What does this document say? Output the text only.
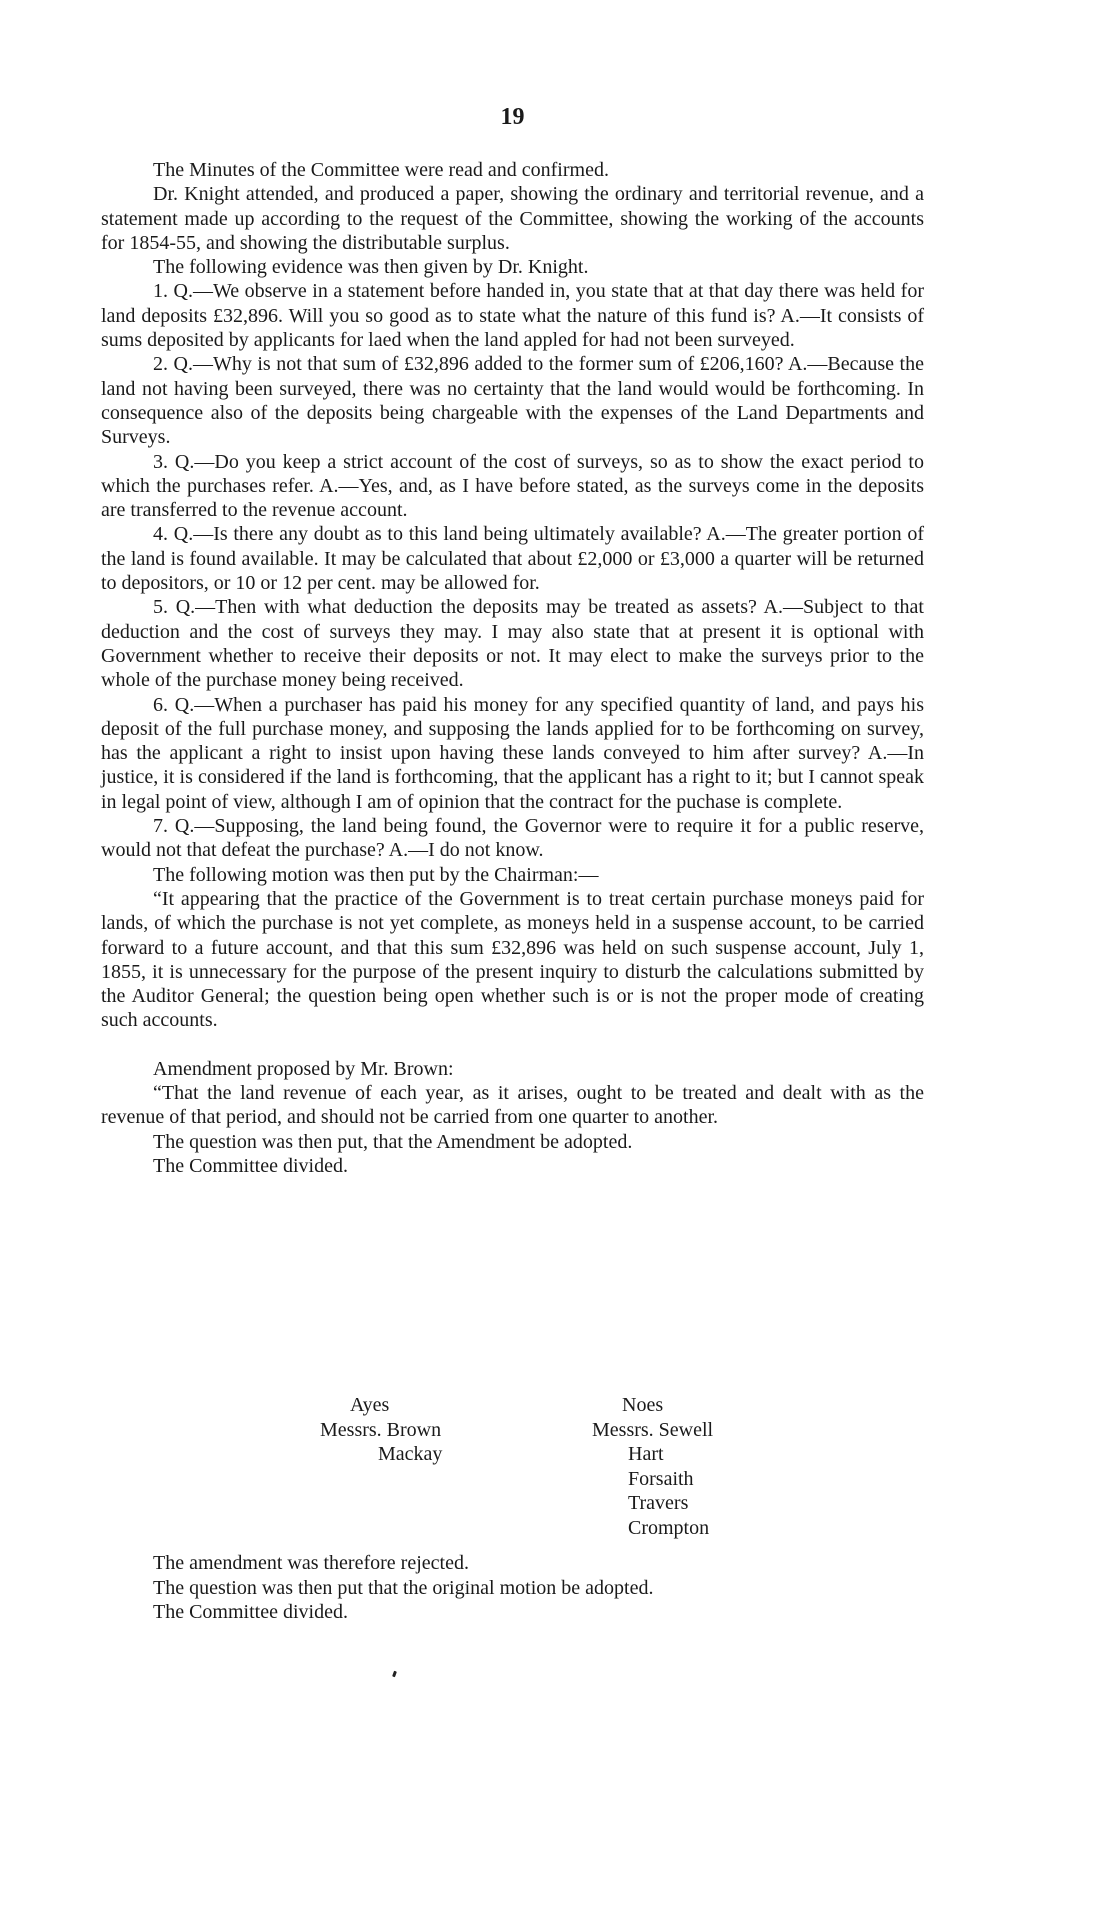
19

The Minutes of the Committee were read and confirmed.

Dr. Knight attended, and produced a paper, showing the ordinary and territorial revenue, and a statement made up according to the request of the Committee, showing the working of the accounts for 1854-55, and showing the distributable surplus.

The following evidence was then given by Dr. Knight.

1. Q.—We observe in a statement before handed in, you state that at that day there was held for land deposits £32,896. Will you so good as to state what the nature of this fund is? A.—It consists of sums deposited by applicants for laed when the land appled for had not been surveyed.

2. Q.—Why is not that sum of £32,896 added to the former sum of £206,160? A.—Because the land not having been surveyed, there was no certainty that the land would would be forthcoming. In consequence also of the deposits being chargeable with the expenses of the Land Departments and Surveys.

3. Q.—Do you keep a strict account of the cost of surveys, so as to show the exact period to which the purchases refer. A.—Yes, and, as I have before stated, as the surveys come in the deposits are transferred to the revenue account.

4. Q.—Is there any doubt as to this land being ultimately available? A.—The greater portion of the land is found available. It may be calculated that about £2,000 or £3,000 a quarter will be returned to depositors, or 10 or 12 per cent. may be allowed for.

5. Q.—Then with what deduction the deposits may be treated as assets? A.—Subject to that deduction and the cost of surveys they may. I may also state that at present it is optional with Government whether to receive their deposits or not. It may elect to make the surveys prior to the whole of the purchase money being received.

6. Q.—When a purchaser has paid his money for any specified quantity of land, and pays his deposit of the full purchase money, and supposing the lands applied for to be forthcoming on survey, has the applicant a right to insist upon having these lands conveyed to him after survey? A.—In justice, it is considered if the land is forthcoming, that the applicant has a right to it; but I cannot speak in legal point of view, although I am of opinion that the contract for the puchase is complete.

7. Q.—Supposing, the land being found, the Governor were to require it for a public reserve, would not that defeat the purchase? A.—I do not know.

The following motion was then put by the Chairman:—

“It appearing that the practice of the Government is to treat certain purchase moneys paid for lands, of which the purchase is not yet complete, as moneys held in a suspense account, to be carried forward to a future account, and that this sum £32,896 was held on such suspense account, July 1, 1855, it is unnecessary for the purpose of the present inquiry to disturb the calculations submitted by the Auditor General; the question being open whether such is or is not the proper mode of creating such accounts.

Amendment proposed by Mr. Brown:

“That the land revenue of each year, as it arises, ought to be treated and dealt with as the revenue of that period, and should not be carried from one quarter to another.

The question was then put, that the Amendment be adopted.

The Committee divided.

Ayes
Messrs. Brown
Mackay
Noes
Messrs. Sewell
Hart
Forsaith
Travers
Crompton

The amendment was therefore rejected.

The question was then put that the original motion be adopted.

The Committee divided.
